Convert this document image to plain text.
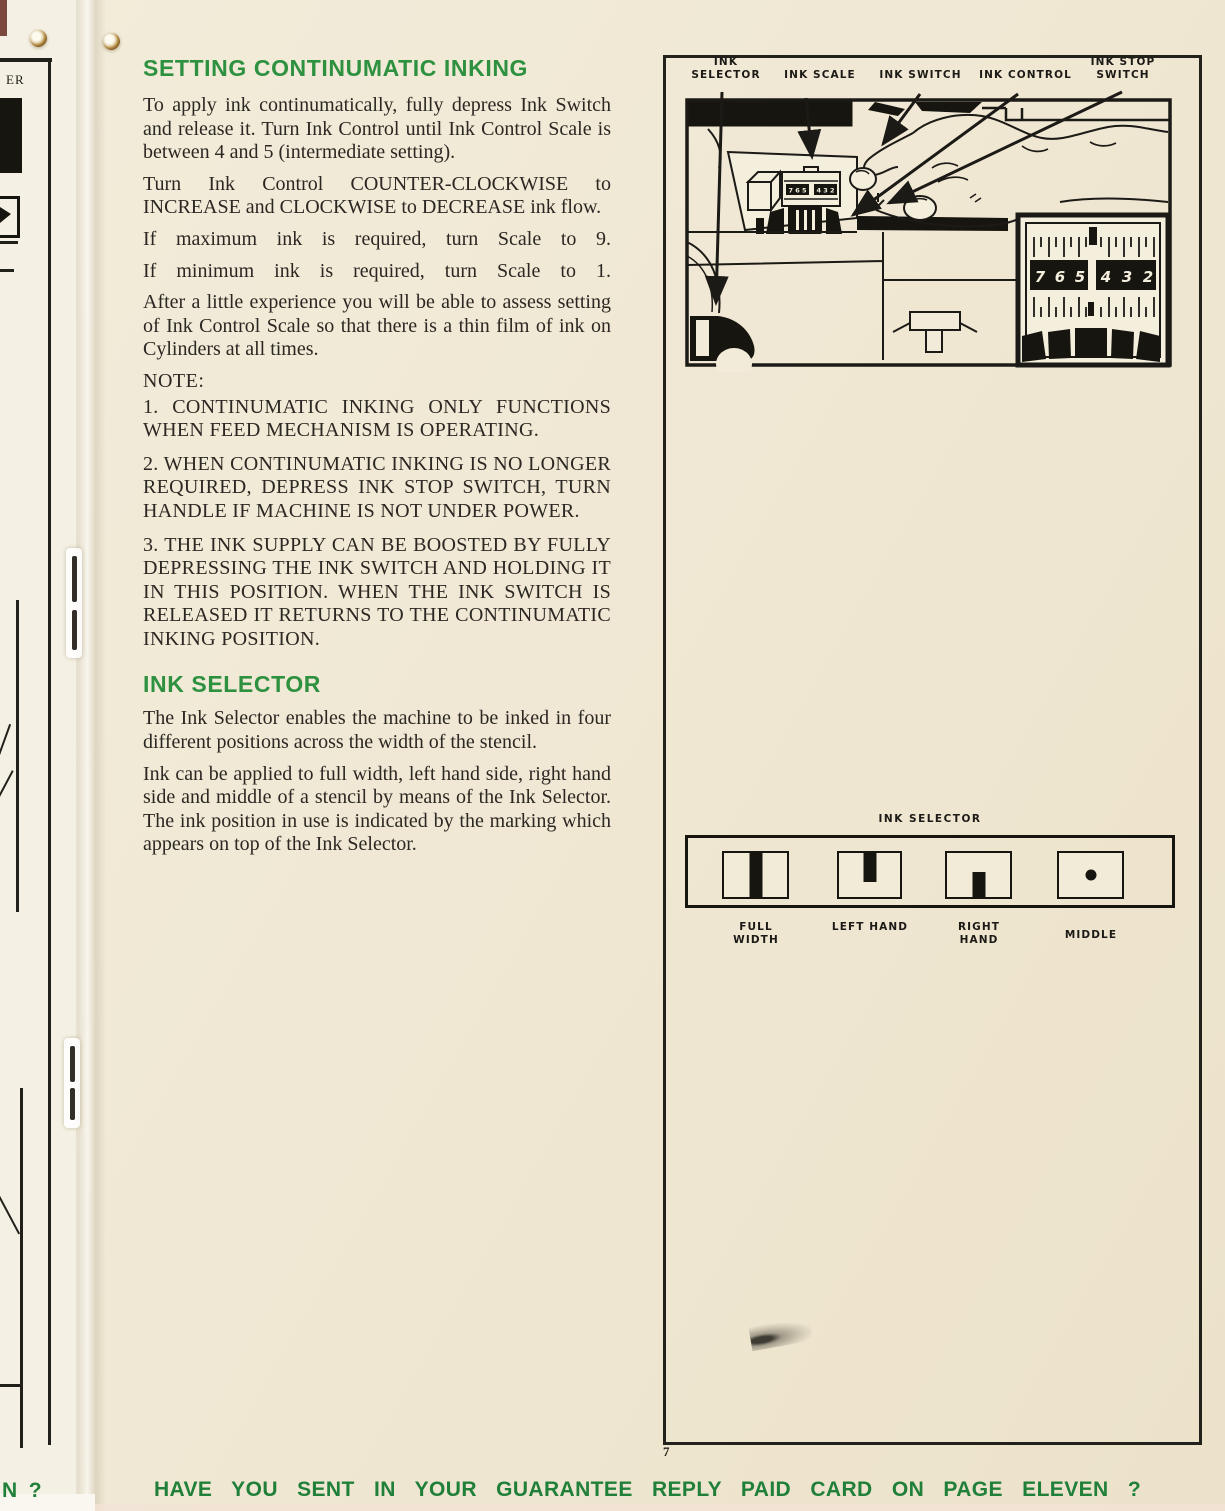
ER	SETTING CONTINUMATIC INKING

To apply ink continumatically, fully depress Ink Switch and release it. Turn Ink Control until Ink Control Scale is between 4 and 5 (intermediate setting).

Turn Ink Control COUNTER-CLOCKWISE to INCREASE and CLOCKWISE to DECREASE ink flow.

If maximum ink is required, turn Scale to 9.

If minimum ink is required, turn Scale to 1.

After a little experience you will be able to assess setting of Ink Control Scale so that there is a thin film of ink on Cylinders at all times.

NOTE:

1. CONTINUMATIC INKING ONLY FUNCTIONS WHEN FEED MECHANISM IS OPERATING.

2. WHEN CONTINUMATIC INKING IS NO LONGER REQUIRED, DEPRESS INK STOP SWITCH, TURN HANDLE IF MACHINE IS NOT UNDER POWER.

3. THE INK SUPPLY CAN BE BOOSTED BY FULLY DEPRESSING THE INK SWITCH AND HOLDING IT IN THIS POSITION. WHEN THE INK SWITCH IS RELEASED IT RETURNS TO THE CONTINUMATIC INKING POSITION.

INK SELECTOR

The Ink Selector enables the machine to be inked in four different positions across the width of the stencil.

Ink can be applied to full width, left hand side, right hand side and middle of a stencil by means of the Ink Selector. The ink position in use is indicated by the marking which appears on top of the Ink Selector.

INK SELECTOR	INK SCALE	INK SWITCH	INK CONTROL
INK STOP SWITCH
7 6 5 4 3 2
7 6 5 4 3 2
INK SELECTOR
FULL WIDTH
LEFT HAND	RIGHT HAND	MIDDLE
7
HAVE YOU SENT IN YOUR GUARANTEE REPLY PAID CARD ON PAGE ELEVEN ?
N ?
